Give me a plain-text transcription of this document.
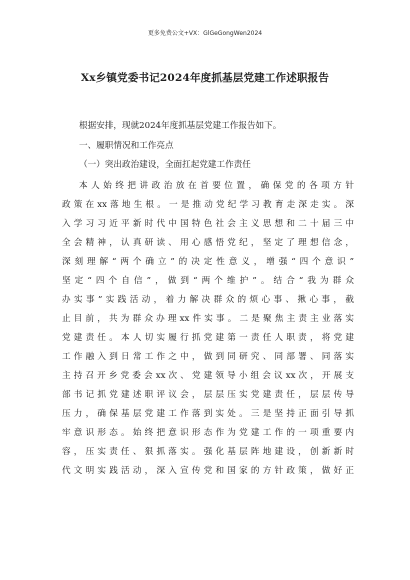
更多免费公文+VX：GlGeGongWen2024
Xx乡镇党委书记2024年度抓基层党建工作述职报告

根据安排，现就2024年度抓基层党建工作报告如下。

一、履职情况和工作亮点

（一）突出政治建设，全面扛起党建工作责任

本人始终把讲政治放在首要位置，确保党的各项方针
政策在xx落地生根。一是推动党纪学习教育走深走实。深
入学习习近平新时代中国特色社会主义思想和二十届三中
全会精神，认真研读、用心感悟党纪，坚定了理想信念，
深刻理解“两个确立”的决定性意义，增强“四个意识”
坚定“四个自信”，做到“两个维护”。结合“我为群众
办实事”实践活动，着力解决群众的烦心事、揪心事，截
止目前，共为群众办理xx件实事。二是聚焦主责主业落实
党建责任。本人切实履行抓党建第一责任人职责，将党建
工作融入到日常工作之中，做到同研究、同部署、同落实
主持召开乡党委会xx次、党建领导小组会议xx次，开展支
部书记抓党建述职评议会，层层压实党建责任，层层传导
压力，确保基层党建工作落到实处。三是坚持正面引导抓
牢意识形态。始终把意识形态作为党建工作的一项重要内
容，压实责任、狠抓落实。强化基层阵地建设，创新新时
代文明实践活动，深入宣传党和国家的方针政策，做好正
